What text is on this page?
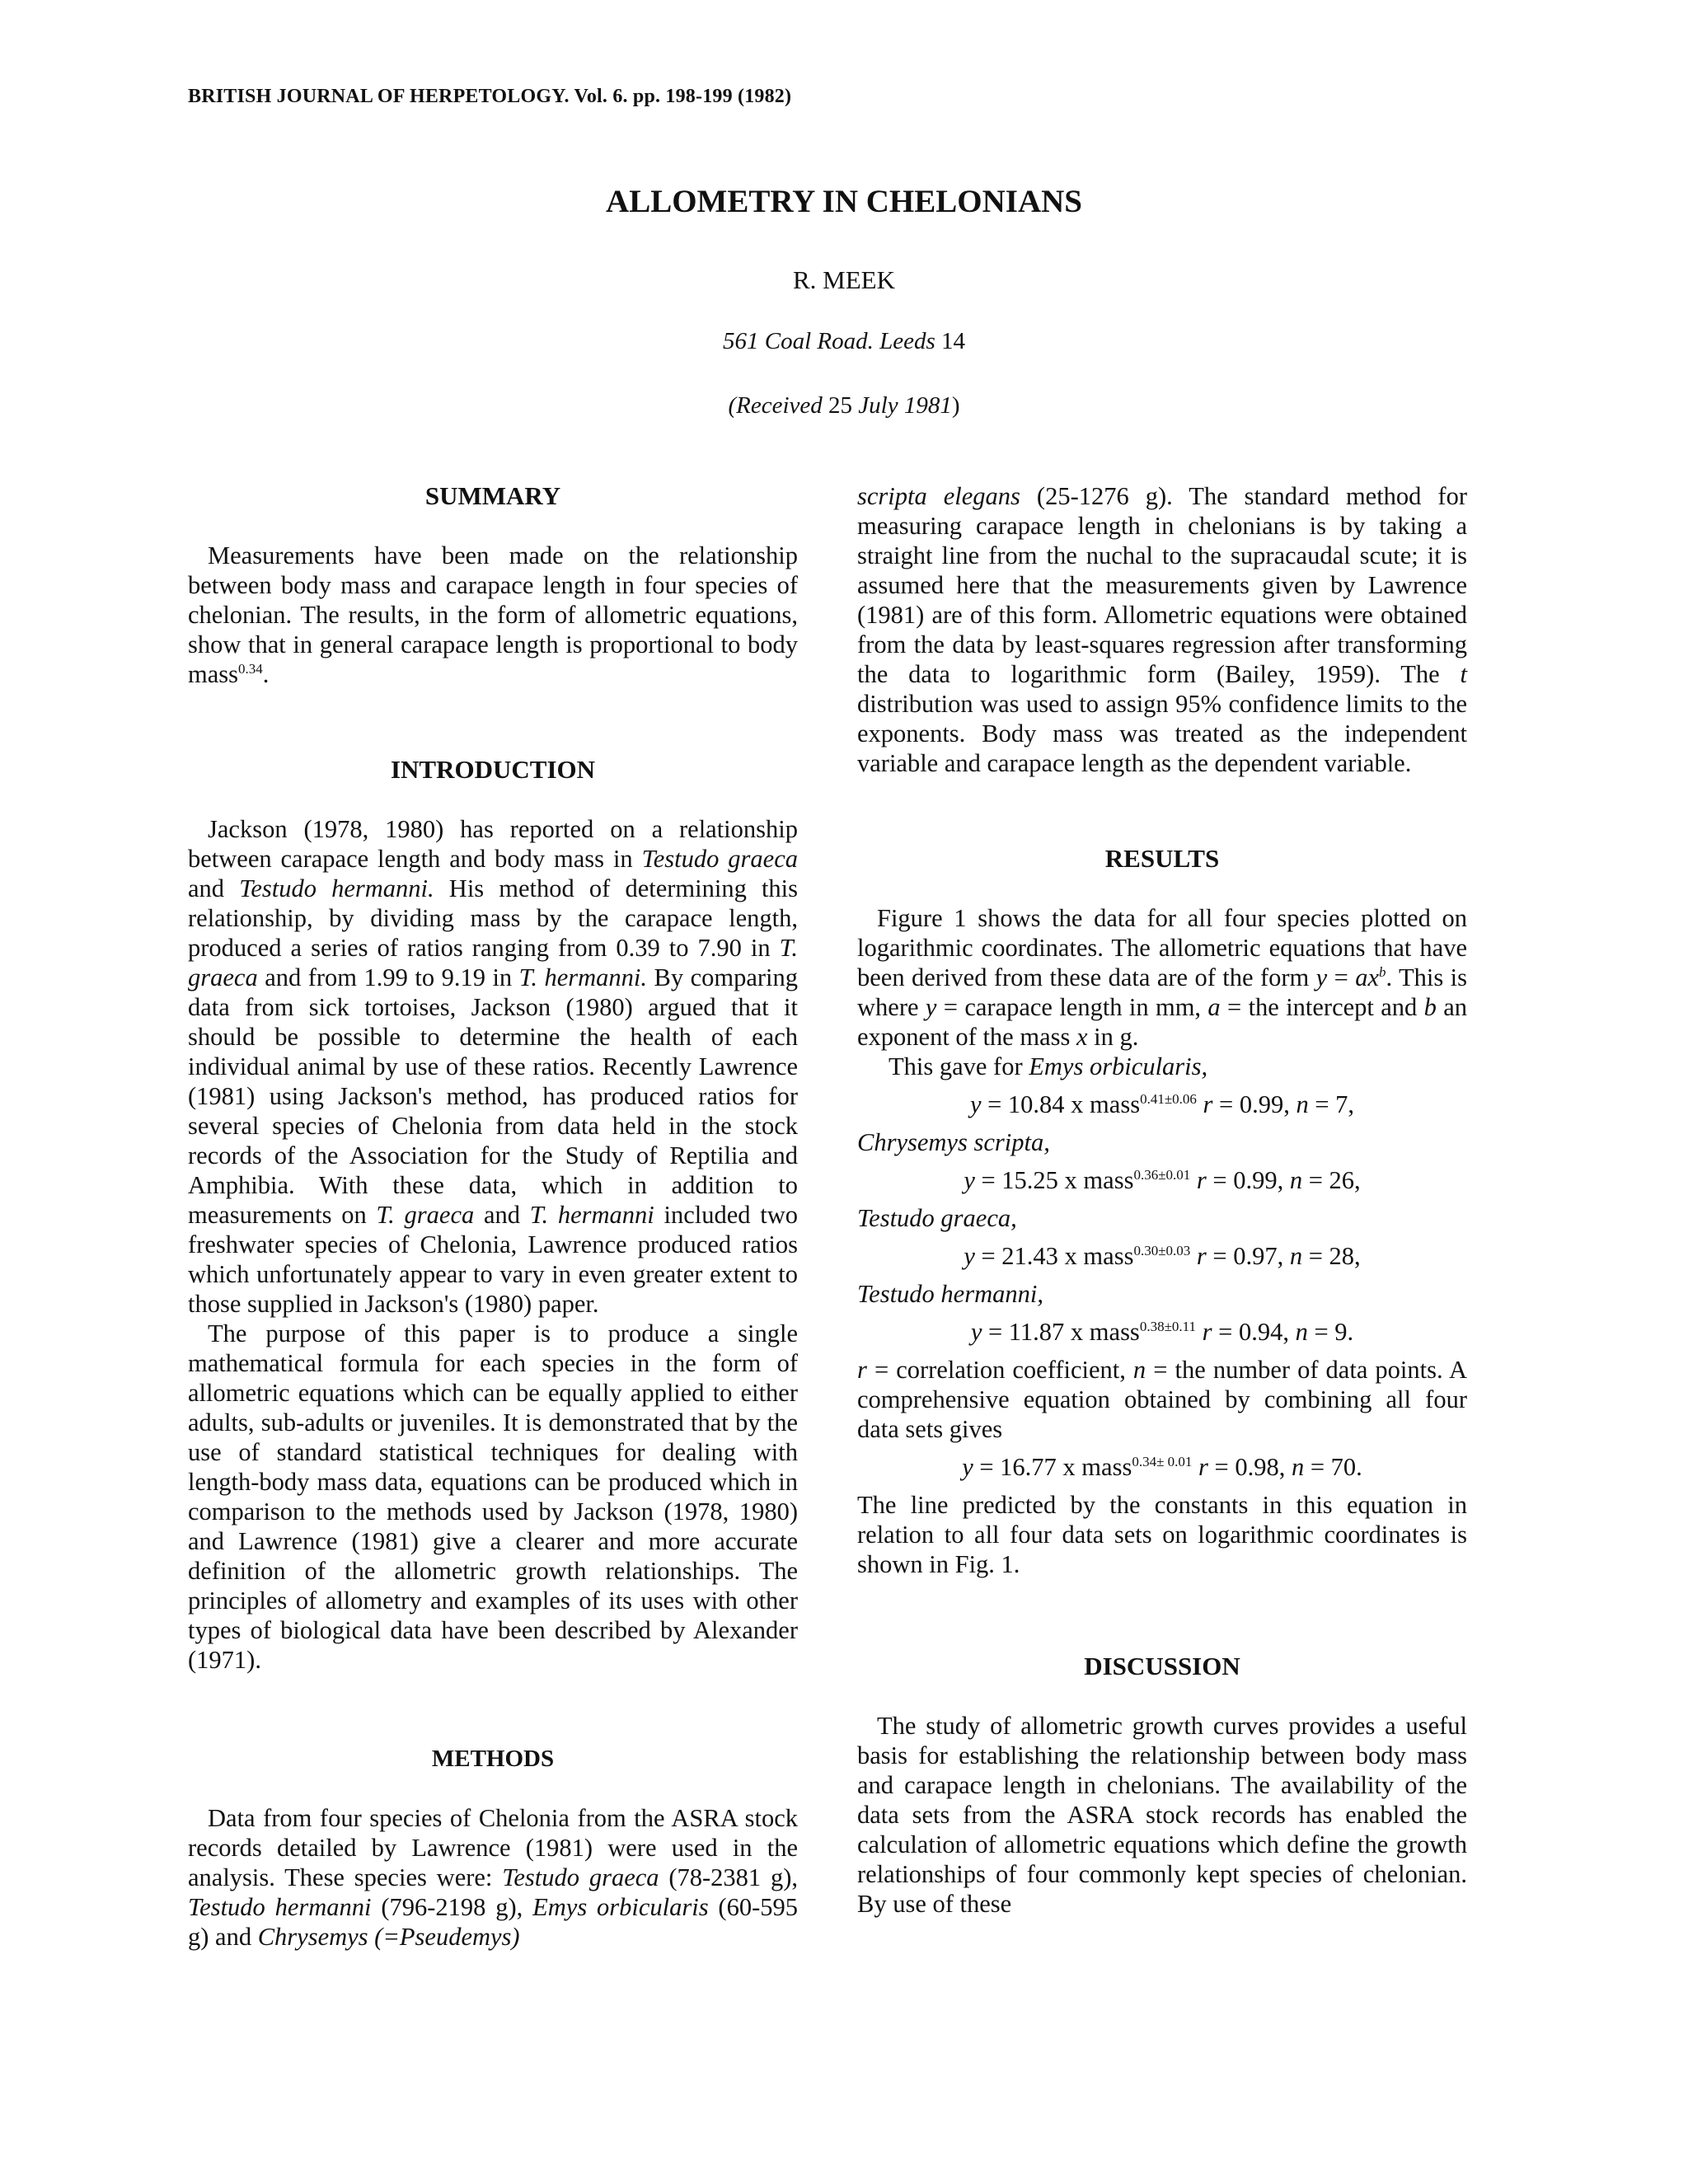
BRITISH JOURNAL OF HERPETOLOGY. Vol. 6. pp. 198-199 (1982)
ALLOMETRY IN CHELONIANS
R. MEEK
561 Coal Road. Leeds 14
(Received 25 July 1981)
SUMMARY

Measurements have been made on the relationship between body mass and carapace length in four species of chelonian. The results, in the form of allometric equations, show that in general carapace length is proportional to body mass$^{0.34}$.

INTRODUCTION

Jackson (1978, 1980) has reported on a relationship between carapace length and body mass in Testudo graeca and Testudo hermanni. His method of determining this relationship, by dividing mass by the carapace length, produced a series of ratios ranging from 0.39 to 7.90 in T. graeca and from 1.99 to 9.19 in T. hermanni. By comparing data from sick tortoises, Jackson (1980) argued that it should be possible to determine the health of each individual animal by use of these ratios. Recently Lawrence (1981) using Jackson's method, has produced ratios for several species of Chelonia from data held in the stock records of the Association for the Study of Reptilia and Amphibia. With these data, which in addition to measurements on T. graeca and T. hermanni included two freshwater species of Chelonia, Lawrence produced ratios which unfortunately appear to vary in even greater extent to those supplied in Jackson's (1980) paper.

The purpose of this paper is to produce a single mathematical formula for each species in the form of allometric equations which can be equally applied to either adults, sub-adults or juveniles. It is demonstrated that by the use of standard statistical techniques for dealing with length-body mass data, equations can be produced which in comparison to the methods used by Jackson (1978, 1980) and Lawrence (1981) give a clearer and more accurate definition of the allometric growth relationships. The principles of allometry and examples of its uses with other types of biological data have been described by Alexander (1971).

METHODS

Data from four species of Chelonia from the ASRA stock records detailed by Lawrence (1981) were used in the analysis. These species were: Testudo graeca (78-2381 g), Testudo hermanni (796-2198 g), Emys orbicularis (60-595 g) and Chrysemys (=Pseudemys)

scripta elegans (25-1276 g). The standard method for measuring carapace length in chelonians is by taking a straight line from the nuchal to the supracaudal scute; it is assumed here that the measurements given by Lawrence (1981) are of this form. Allometric equations were obtained from the data by least-squares regression after transforming the data to logarithmic form (Bailey, 1959). The t distribution was used to assign 95% confidence limits to the exponents. Body mass was treated as the independent variable and carapace length as the dependent variable.

RESULTS

Figure 1 shows the data for all four species plotted on logarithmic coordinates. The allometric equations that have been derived from these data are of the form $y = ax^b$. This is where y = carapace length in mm, a = the intercept and b an exponent of the mass x in g.

This gave for Emys orbicularis,

y = 10.84 x mass$^{0.41\pm 0.06}$ r = 0.99, n = 7,

Chrysemys scripta,

y = 15.25 x mass$^{0.36\pm 0.01}$ r = 0.99, n = 26,

Testudo graeca,

y = 21.43 x mass$^{0.30\pm 0.03}$ r = 0.97, n = 28,

Testudo hermanni,

y = 11.87 x mass$^{0.38\pm 0.11}$ r = 0.94, n = 9.

r = correlation coefficient, n = the number of data points. A comprehensive equation obtained by combining all four data sets gives

y = 16.77 x mass$^{0.34\pm 0.01}$ r = 0.98, n = 70.

The line predicted by the constants in this equation in relation to all four data sets on logarithmic coordinates is shown in Fig. 1.

DISCUSSION

The study of allometric growth curves provides a useful basis for establishing the relationship between body mass and carapace length in chelonians. The availability of the data sets from the ASRA stock records has enabled the calculation of allometric equations which define the growth relationships of four commonly kept species of chelonian. By use of these
